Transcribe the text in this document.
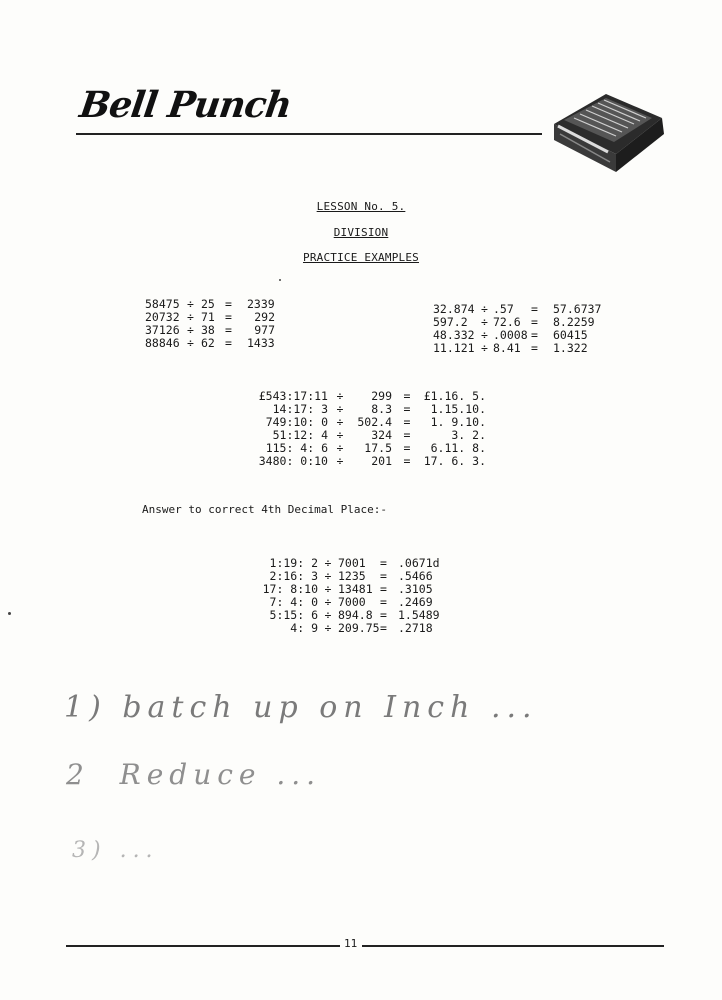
Bell Punch
LESSON No. 5.
DIVISION
PRACTICE EXAMPLES
58475 ÷ 25 =	2339
20732 ÷ 71 =	292
37126 ÷ 38 =	977
88846 ÷ 62 =	1433
32.874 ÷ .57	=	57.6737
597.2	÷ 72.6 =	8.2259
48.332 ÷ .0008 =	60415
11.121 ÷ 8.41 =	1.322
£543:17:11 ÷	299	=	£1.16. 5.
14:17: 3 ÷	8.3	=	1.15.10.
749:10: 0 ÷	502.4	=	1. 9.10.
51:12: 4 ÷	324	=	3. 2.
115: 4: 6 ÷	17.5	=	6.11. 8.
3480: 0:10 ÷	201	=	17. 6. 3.
Answer to correct 4th Decimal Place:-
1:19: 2 ÷ 7001	= .0671d
2:16: 3 ÷ 1235	= .5466
17: 8:10 ÷ 13481 = .3105
7: 4: 0 ÷ 7000	= .2469
5:15: 6 ÷ 894.8 = 1.5489
4: 9 ÷ 209.75 = .2718
1) batch up on Inch ...
2  Reduce ...
3) ...
11
